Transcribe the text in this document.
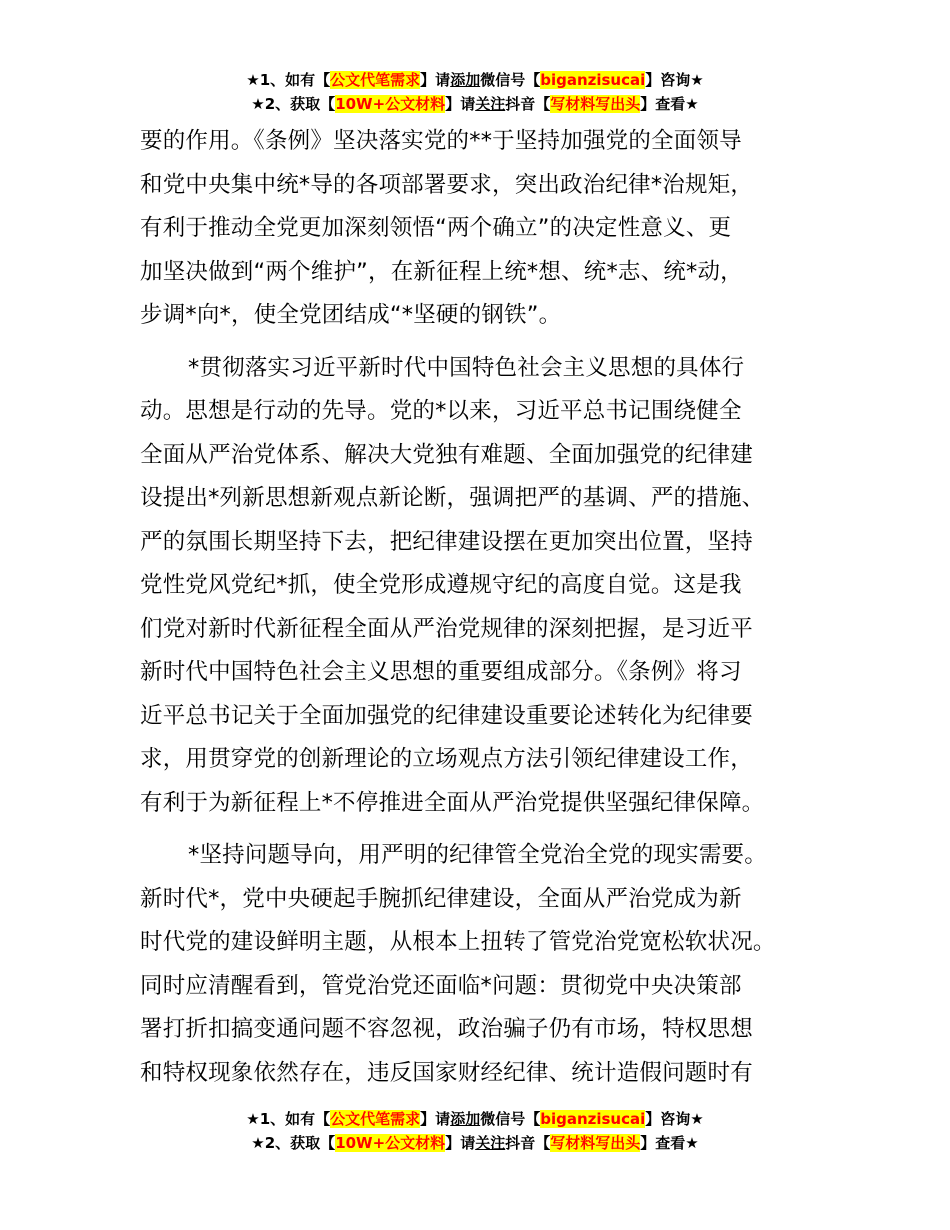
★1、如有【公文代笔需求】请添加微信号【biganzisucai】咨询★
★2、获取【10W+公文材料】请关注抖音【写材料写出头】查看★
要的作用。《条例》坚决落实党的**于坚持加强党的全面领导
和党中央集中统*导的各项部署要求，突出政治纪律*治规矩，
有利于推动全党更加深刻领悟“两个确立”的决定性意义、更
加坚决做到“两个维护”，在新征程上统*想、统*志、统*动，
步调*向*，使全党团结成“*坚硬的钢铁”。
*贯彻落实习近平新时代中国特色社会主义思想的具体行
动。思想是行动的先导。党的*以来，习近平总书记围绕健全
全面从严治党体系、解决大党独有难题、全面加强党的纪律建
设提出*列新思想新观点新论断，强调把严的基调、严的措施、
严的氛围长期坚持下去，把纪律建设摆在更加突出位置，坚持
党性党风党纪*抓，使全党形成遵规守纪的高度自觉。这是我
们党对新时代新征程全面从严治党规律的深刻把握，是习近平
新时代中国特色社会主义思想的重要组成部分。《条例》将习
近平总书记关于全面加强党的纪律建设重要论述转化为纪律要
求，用贯穿党的创新理论的立场观点方法引领纪律建设工作，
有利于为新征程上*不停推进全面从严治党提供坚强纪律保障。
*坚持问题导向，用严明的纪律管全党治全党的现实需要。
新时代*，党中央硬起手腕抓纪律建设，全面从严治党成为新
时代党的建设鲜明主题，从根本上扭转了管党治党宽松软状况。
同时应清醒看到，管党治党还面临*问题：贯彻党中央决策部
署打折扣搞变通问题不容忽视，政治骗子仍有市场，特权思想
和特权现象依然存在，违反国家财经纪律、统计造假问题时有
★1、如有【公文代笔需求】请添加微信号【biganzisucai】咨询★
★2、获取【10W+公文材料】请关注抖音【写材料写出头】查看★
